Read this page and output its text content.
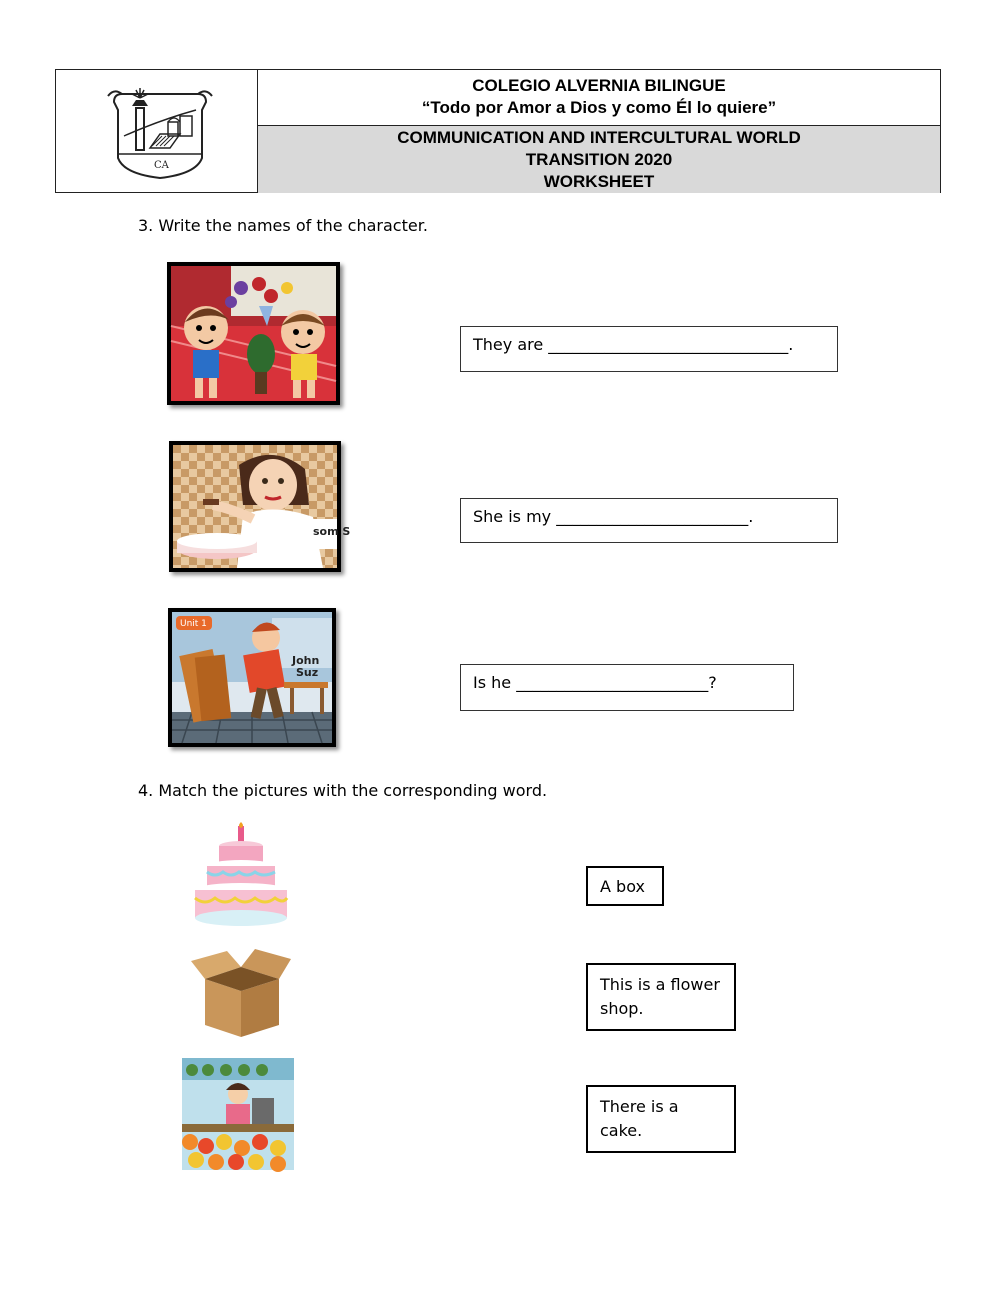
CA
COLEGIO ALVERNIA BILINGUE
“Todo por Amor a Dios y como Él lo quiere”
COMMUNICATION AND INTERCULTURAL WORLD
TRANSITION 2020
WORKSHEET
3. Write the names of the character.
They are ______________________________.
som S
She is my ________________________.
Unit 1
John
Suz
Is he ________________________?
4. Match the pictures with the corresponding word.
A box
This is a flower shop.
There is a cake.
